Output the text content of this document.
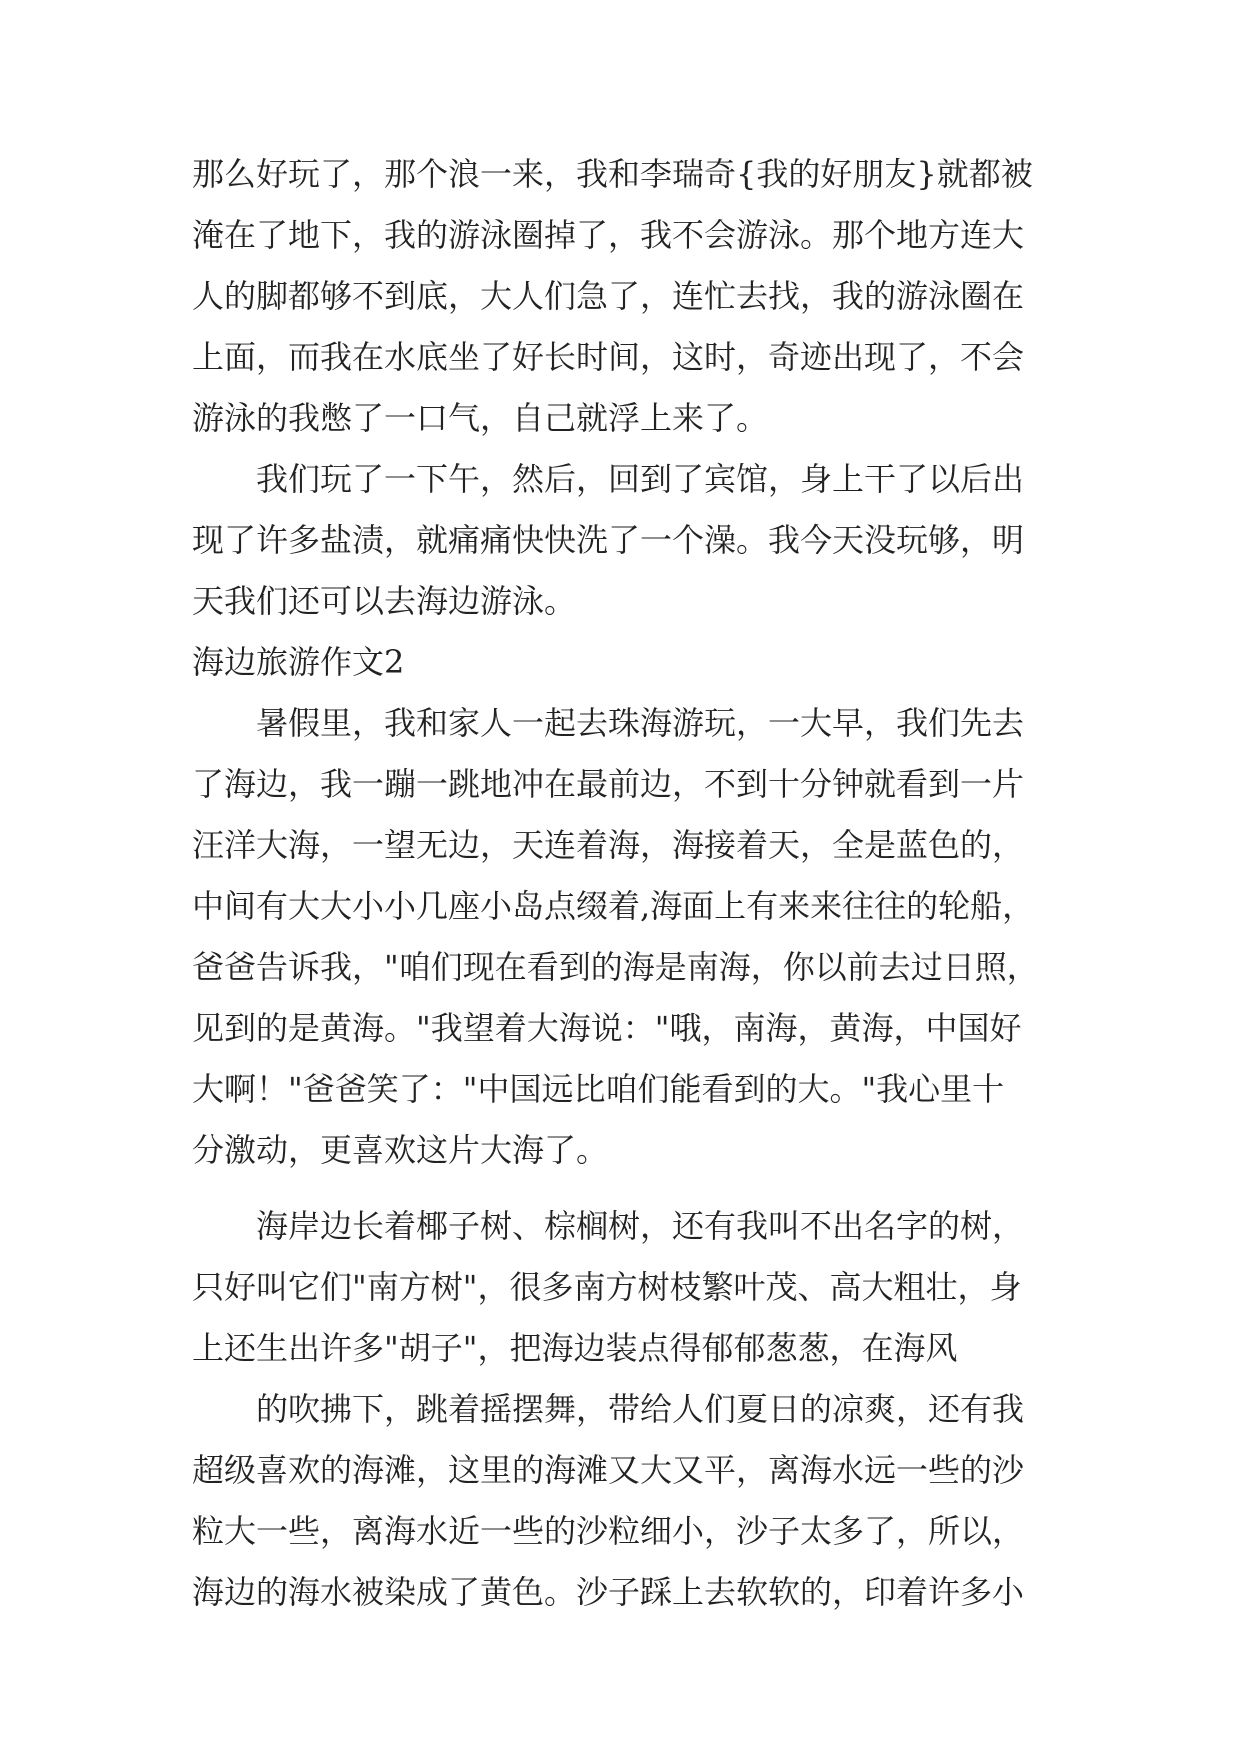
那么好玩了，那个浪一来，我和李瑞奇{我的好朋友}就都被
淹在了地下，我的游泳圈掉了，我不会游泳。那个地方连大
人的脚都够不到底，大人们急了，连忙去找，我的游泳圈在
上面，而我在水底坐了好长时间，这时，奇迹出现了，不会
游泳的我憋了一口气，自己就浮上来了。
我们玩了一下午，然后，回到了宾馆，身上干了以后出
现了许多盐渍，就痛痛快快洗了一个澡。我今天没玩够，明
天我们还可以去海边游泳。
海边旅游作文2
暑假里，我和家人一起去珠海游玩，一大早，我们先去
了海边，我一蹦一跳地冲在最前边，不到十分钟就看到一片
汪洋大海，一望无边，天连着海，海接着天，全是蓝色的，
中间有大大小小几座小岛点缀着,海面上有来来往往的轮船，
爸爸告诉我，"咱们现在看到的海是南海，你以前去过日照，
见到的是黄海。"我望着大海说："哦，南海，黄海，中国好
大啊！"爸爸笑了："中国远比咱们能看到的大。"我心里十
分激动，更喜欢这片大海了。
海岸边长着椰子树、棕榈树，还有我叫不出名字的树，
只好叫它们"南方树"，很多南方树枝繁叶茂、高大粗壮，身
上还生出许多"胡子"，把海边装点得郁郁葱葱，在海风
的吹拂下，跳着摇摆舞，带给人们夏日的凉爽，还有我
超级喜欢的海滩，这里的海滩又大又平，离海水远一些的沙
粒大一些，离海水近一些的沙粒细小，沙子太多了，所以，
海边的海水被染成了黄色。沙子踩上去软软的，印着许多小
